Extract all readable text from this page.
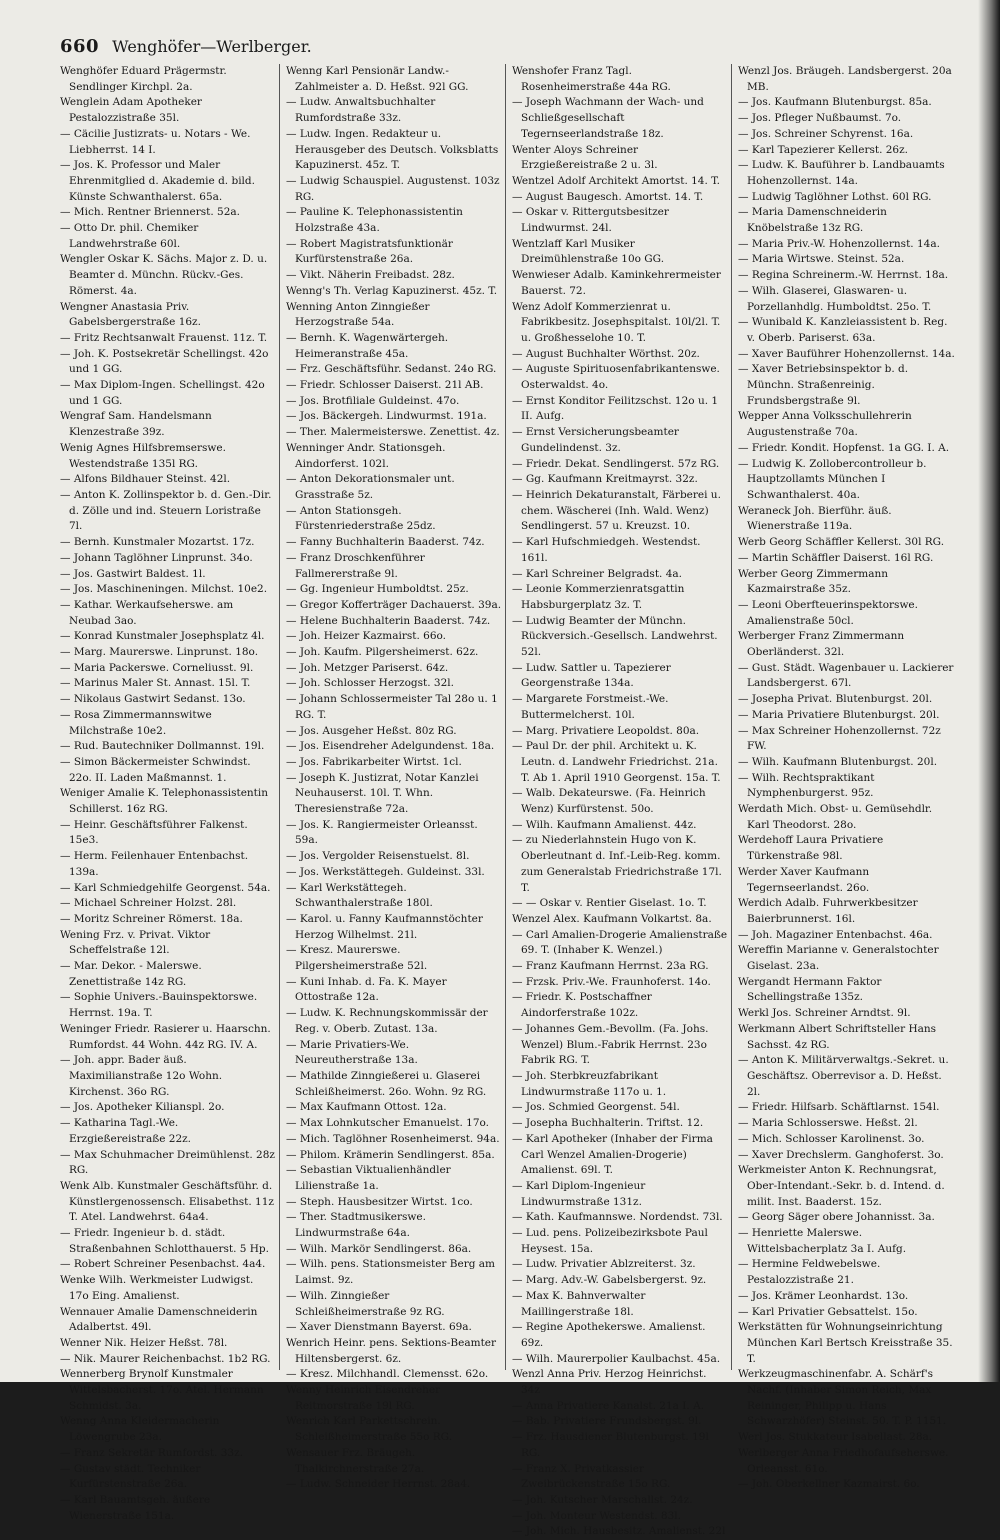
660 Wenghöfer—Werlberger.

Wenghöfer Eduard Prägermstr. Sendlinger Kirchpl. 2a.

Wenglein Adam Apotheker Pestalozzistraße 35l.

— Cäcilie Justizrats- u. Notars - We. Liebherrst. 14 I.

— Jos. K. Professor und Maler Ehrenmitglied d. Akademie d. bild. Künste Schwanthalerst. 65a.

— Mich. Rentner Briennerst. 52a.

— Otto Dr. phil. Chemiker Landwehrstraße 60l.

Wengler Oskar K. Sächs. Major z. D. u. Beamter d. Münchn. Rückv.-Ges. Römerst. 4a.

Wengner Anastasia Priv. Gabelsbergerstraße 16z.

— Fritz Rechtsanwalt Frauenst. 11z. T.

— Joh. K. Postsekretär Schellingst. 42o und 1 GG.

— Max Diplom-Ingen. Schellingst. 42o und 1 GG.

Wengraf Sam. Handelsmann Klenzestraße 39z.

Wenig Agnes Hilfsbremserswe. Westendstraße 135l RG.

— Alfons Bildhauer Steinst. 42l.

— Anton K. Zollinspektor b. d. Gen.-Dir. d. Zölle und ind. Steuern Loristraße 7l.

— Bernh. Kunstmaler Mozartst. 17z.

— Johann Taglöhner Linprunst. 34o.

— Jos. Gastwirt Baldest. 1l.

— Jos. Maschineningen. Milchst. 10e2.

— Kathar. Werkaufseherswe. am Neubad 3ao.

— Konrad Kunstmaler Josephsplatz 4l.

— Marg. Maurerswe. Linprunst. 18o.

— Maria Packerswe. Corneliusst. 9l.

— Marinus Maler St. Annast. 15l. T.

— Nikolaus Gastwirt Sedanst. 13o.

— Rosa Zimmermannswitwe Milchstraße 10e2.

— Rud. Bautechniker Dollmannst. 19l.

— Simon Bäckermeister Schwindst. 22o. II. Laden Maßmannst. 1.

Weniger Amalie K. Telephonassistentin Schillerst. 16z RG.

— Heinr. Geschäftsführer Falkenst. 15e3.

— Herm. Feilenhauer Entenbachst. 139a.

— Karl Schmiedgehilfe Georgenst. 54a.

— Michael Schreiner Holzst. 28l.

— Moritz Schreiner Römerst. 18a.

Wening Frz. v. Privat. Viktor Scheffelstraße 12l.

— Mar. Dekor. - Malerswe. Zenettistraße 14z RG.

— Sophie Univers.-Bauinspektorswe. Herrnst. 19a. T.

Weninger Friedr. Rasierer u. Haarschn. Rumfordst. 44 Wohn. 44z RG. IV. A.

— Joh. appr. Bader äuß. Maximilianstraße 12o Wohn. Kirchenst. 36o RG.

— Jos. Apotheker Kilianspl. 2o.

— Katharina Tagl.-We. Erzgießereistraße 22z.

— Max Schuhmacher Dreimühlenst. 28z RG.

Wenk Alb. Kunstmaler Geschäftsführ. d. Künstlergenossensch. Elisabethst. 11z T. Atel. Landwehrst. 64a4.

— Friedr. Ingenieur b. d. städt. Straßenbahnen Schlotthauerst. 5 Hp.

— Robert Schreiner Pesenbachst. 4a4.

Wenke Wilh. Werkmeister Ludwigst. 17o Eing. Amalienst.

Wennauer Amalie Damenschneiderin Adalbertst. 49l.

Wenner Nik. Heizer Heßst. 78l.

— Nik. Maurer Reichenbachst. 1b2 RG.

Wennerberg Brynolf Kunstmaler Wittelsbacherst. 17o. Atel. Hermann Schmidst. 3a.

Wenng Anna Kleidermacherin Löwengrube 23a.

— Franz Sekretär Rumfordst. 33z.

— Gustav städt. Techniker Kurfürstenstraße 26a.

— Karl Bauamtsgeh. äußere Wienerstraße 151a.

Wenng Karl Pensionär Landw.-Zahlmeister a. D. Heßst. 92l GG.

— Ludw. Anwaltsbuchhalter Rumfordstraße 33z.

— Ludw. Ingen. Redakteur u. Herausgeber des Deutsch. Volksblatts Kapuzinerst. 45z. T.

— Ludwig Schauspiel. Augustenst. 103z RG.

— Pauline K. Telephonassistentin Holzstraße 43a.

— Robert Magistratsfunktionär Kurfürstenstraße 26a.

— Vikt. Näherin Freibadst. 28z.

Wenng's Th. Verlag Kapuzinerst. 45z. T.

Wenning Anton Zinngießer Herzogstraße 54a.

— Bernh. K. Wagenwärtergeh. Heimeranstraße 45a.

— Frz. Geschäftsführ. Sedanst. 24o RG.

— Friedr. Schlosser Daiserst. 21l AB.

— Jos. Brotfiliale Guldeinst. 47o.

— Jos. Bäckergeh. Lindwurmst. 191a.

— Ther. Malermeisterswe. Zenettist. 4z.

Wenninger Andr. Stationsgeh. Aindorferst. 102l.

— Anton Dekorationsmaler unt. Grasstraße 5z.

— Anton Stationsgeh. Fürstenriederstraße 25dz.

— Fanny Buchhalterin Baaderst. 74z.

— Franz Droschkenführer Fallmererstraße 9l.

— Gg. Ingenieur Humboldtst. 25z.

— Gregor Kofferträger Dachauerst. 39a.

— Helene Buchhalterin Baaderst. 74z.

— Joh. Heizer Kazmairst. 66o.

— Joh. Kaufm. Pilgersheimerst. 62z.

— Joh. Metzger Pariserst. 64z.

— Joh. Schlosser Herzogst. 32l.

— Johann Schlossermeister Tal 28o u. 1 RG. T.

— Jos. Ausgeher Heßst. 80z RG.

— Jos. Eisendreher Adelgundenst. 18a.

— Jos. Fabrikarbeiter Wirtst. 1cl.

— Joseph K. Justizrat, Notar Kanzlei Neuhauserst. 10l. T. Whn. Theresienstraße 72a.

— Jos. K. Rangiermeister Orleansst. 59a.

— Jos. Vergolder Reisenstuelst. 8l.

— Jos. Werkstättegeh. Guldeinst. 33l.

— Karl Werkstättegeh. Schwanthalerstraße 180l.

— Karol. u. Fanny Kaufmannstöchter Herzog Wilhelmst. 21l.

— Kresz. Maurerswe. Pilgersheimerstraße 52l.

— Kuni Inhab. d. Fa. K. Mayer Ottostraße 12a.

— Ludw. K. Rechnungskommissär der Reg. v. Oberb. Zutast. 13a.

— Marie Privatiers-We. Neureutherstraße 13a.

— Mathilde Zinngießerei u. Glaserei Schleißheimerst. 26o. Wohn. 9z RG.

— Max Kaufmann Ottost. 12a.

— Max Lohnkutscher Emanuelst. 17o.

— Mich. Taglöhner Rosenheimerst. 94a.

— Philom. Krämerin Sendlingerst. 85a.

— Sebastian Viktualienhändler Lilienstraße 1a.

— Steph. Hausbesitzer Wirtst. 1co.

— Ther. Stadtmusikerswe. Lindwurmstraße 64a.

— Wilh. Markör Sendlingerst. 86a.

— Wilh. pens. Stationsmeister Berg am Laimst. 9z.

— Wilh. Zinngießer Schleißheimerstraße 9z RG.

— Xaver Dienstmann Bayerst. 69a.

Wenrich Heinr. pens. Sektions-Beamter Hiltensbergerst. 6z.

— Kresz. Milchhandl. Clemensst. 62o.

Wenny Heinrich Eisendreher Reitmorstraße 19l RG.

Wenrich Karl Parkettschrein. Schleißheimerstraße 55o RG.

Wensauer Frz. Bräugeh. Thalkirchnerstraße 27a.

— Ludw. Schneider Herrnst. 28a4.

Wenshofer Franz Tagl. Rosenheimerstraße 44a RG.

— Joseph Wachmann der Wach- und Schließgesellschaft Tegernseerlandstraße 18z.

Wenter Aloys Schreiner Erzgießereistraße 2 u. 3l.

Wentzel Adolf Architekt Amortst. 14. T.

— August Baugesch. Amortst. 14. T.

— Oskar v. Rittergutsbesitzer Lindwurmst. 24l.

Wentzlaff Karl Musiker Dreimühlenstraße 10o GG.

Wenwieser Adalb. Kaminkehrermeister Bauerst. 72.

Wenz Adolf Kommerzienrat u. Fabrikbesitz. Josephspitalst. 10l/2l. T. u. Großhesselohe 10. T.

— August Buchhalter Wörthst. 20z.

— Auguste Spirituosenfabrikantenswe. Osterwaldst. 4o.

— Ernst Konditor Feilitzschst. 12o u. 1 II. Aufg.

— Ernst Versicherungsbeamter Gundelindenst. 3z.

— Friedr. Dekat. Sendlingerst. 57z RG.

— Gg. Kaufmann Kreitmayrst. 32z.

— Heinrich Dekaturanstalt, Färberei u. chem. Wäscherei (Inh. Wald. Wenz) Sendlingerst. 57 u. Kreuzst. 10.

— Karl Hufschmiedgeh. Westendst. 161l.

— Karl Schreiner Belgradst. 4a.

— Leonie Kommerzienratsgattin Habsburgerplatz 3z. T.

— Ludwig Beamter der Münchn. Rückversich.-Gesellsch. Landwehrst. 52l.

— Ludw. Sattler u. Tapezierer Georgenstraße 134a.

— Margarete Forstmeist.-We. Buttermelcherst. 10l.

— Marg. Privatiere Leopoldst. 80a.

— Paul Dr. der phil. Architekt u. K. Leutn. d. Landwehr Friedrichst. 21a. T. Ab 1. April 1910 Georgenst. 15a. T.

— Walb. Dekateurswe. (Fa. Heinrich Wenz) Kurfürstenst. 50o.

— Wilh. Kaufmann Amalienst. 44z.

— zu Niederlahnstein Hugo von K. Oberleutnant d. Inf.-Leib-Reg. komm. zum Generalstab Friedrichstraße 17l. T.

— — Oskar v. Rentier Giselast. 1o. T.

Wenzel Alex. Kaufmann Volkartst. 8a.

— Carl Amalien-Drogerie Amalienstraße 69. T. (Inhaber K. Wenzel.)

— Franz Kaufmann Herrnst. 23a RG.

— Frzsk. Priv.-We. Fraunhoferst. 14o.

— Friedr. K. Postschaffner Aindorferstraße 102z.

— Johannes Gem.-Bevollm. (Fa. Johs. Wenzel) Blum.-Fabrik Herrnst. 23o Fabrik RG. T.

— Joh. Sterbkreuzfabrikant Lindwurmstraße 117o u. 1.

— Jos. Schmied Georgenst. 54l.

— Josepha Buchhalterin. Triftst. 12.

— Karl Apotheker (Inhaber der Firma Carl Wenzel Amalien-Drogerie) Amalienst. 69l. T.

— Karl Diplom-Ingenieur Lindwurmstraße 131z.

— Kath. Kaufmannswe. Nordendst. 73l.

— Lud. pens. Polizeibezirksbote Paul Heysest. 15a.

— Ludw. Privatier Ablzreiterst. 3z.

— Marg. Adv.-W. Gabelsbergerst. 9z.

— Max K. Bahnverwalter Maillingerstraße 18l.

— Regine Apothekerswe. Amalienst. 69z.

— Wilh. Maurerpolier Kaulbachst. 45a.

Wenzl Anna Priv. Herzog Heinrichst. 34z

— Anna Privatiere Kanalst. 21a I. A.

— Bab. Privatiere Frundsbergst. 9l.

— Frz. Hausdiener Blutenburgst. 19l RG.

— Franz X. Privatkassier Zweibrückenstraße 15o RG.

— Joh. Kutscher Marschallst. 24z.

— Joh. Monteur Westendst. 83l.

— Joh. Mich. Hausbesitz. Amalienst. 22l

Wenzl Jos. Bräugeh. Landsbergerst. 20a MB.

— Jos. Kaufmann Blutenburgst. 85a.

— Jos. Pfleger Nußbaumst. 7o.

— Jos. Schreiner Schyrenst. 16a.

— Karl Tapezierer Kellerst. 26z.

— Ludw. K. Bauführer b. Landbauamts Hohenzollernst. 14a.

— Ludwig Taglöhner Lothst. 60l RG.

— Maria Damenschneiderin Knöbelstraße 13z RG.

— Maria Priv.-W. Hohenzollernst. 14a.

— Maria Wirtswe. Steinst. 52a.

— Regina Schreinerm.-W. Herrnst. 18a.

— Wilh. Glaserei, Glaswaren- u. Porzellanhdlg. Humboldtst. 25o. T.

— Wunibald K. Kanzleiassistent b. Reg. v. Oberb. Pariserst. 63a.

— Xaver Bauführer Hohenzollernst. 14a.

— Xaver Betriebsinspektor b. d. Münchn. Straßenreinig. Frundsbergstraße 9l.

Wepper Anna Volksschullehrerin Augustenstraße 70a.

— Friedr. Kondit. Hopfenst. 1a GG. I. A.

— Ludwig K. Zollobercontrolleur b. Hauptzollamts München I Schwanthalerst. 40a.

Weraneck Joh. Bierführ. äuß. Wienerstraße 119a.

Werb Georg Schäffler Kellerst. 30l RG.

— Martin Schäffler Daiserst. 16l RG.

Werber Georg Zimmermann Kazmairstraße 35z.

— Leoni Oberfteuerinspektorswe. Amalienstraße 50cl.

Werberger Franz Zimmermann Oberländerst. 32l.

— Gust. Städt. Wagenbauer u. Lackierer Landsbergerst. 67l.

— Josepha Privat. Blutenburgst. 20l.

— Maria Privatiere Blutenburgst. 20l.

— Max Schreiner Hohenzollernst. 72z FW.

— Wilh. Kaufmann Blutenburgst. 20l.

— Wilh. Rechtspraktikant Nymphenburgerst. 95z.

Werdath Mich. Obst- u. Gemüsehdlr. Karl Theodorst. 28o.

Werdehoff Laura Privatiere Türkenstraße 98l.

Werder Xaver Kaufmann Tegernseerlandst. 26o.

Werdich Adalb. Fuhrwerkbesitzer Baierbrunnerst. 16l.

— Joh. Magaziner Entenbachst. 46a.

Wereffin Marianne v. Generalstochter Giselast. 23a.

Wergandt Hermann Faktor Schellingstraße 135z.

Werkl Jos. Schreiner Arndtst. 9l.

Werkmann Albert Schriftsteller Hans Sachsst. 4z RG.

— Anton K. Militärverwaltgs.-Sekret. u. Geschäftsz. Oberrevisor a. D. Heßst. 2l.

— Friedr. Hilfsarb. Schäftlarnst. 154l.

— Maria Schlosserswe. Heßst. 2l.

— Mich. Schlosser Karolinenst. 3o.

— Xaver Drechslerm. Ganghoferst. 3o.

Werkmeister Anton K. Rechnungsrat, Ober-Intendant.-Sekr. b. d. Intend. d. milit. Inst. Baaderst. 15z.

— Georg Säger obere Johannisst. 3a.

— Henriette Malerswe. Wittelsbacherplatz 3a I. Aufg.

— Hermine Feldwebelswe. Pestalozzistraße 21.

— Jos. Krämer Leonhardst. 13o.

— Karl Privatier Gebsattelst. 15o.

Werkstätten für Wohnungseinrichtung München Karl Bertsch Kreisstraße 35. T.

Werkzeugmaschinenfabr. A. Schärf's Nachf. (Inhaber Simon Reich, Max Reininger, Philipp u. Hans Schwarzhöfer) Steinst. 50. T. P. 1151.

Werl Jos. Stukkateur Isabellast. 28a.

Werlberger Anna Friedhofaufseherswe. Orleansst. 61o.

— Joh. Oberkellner Kazmairst. 6o.
